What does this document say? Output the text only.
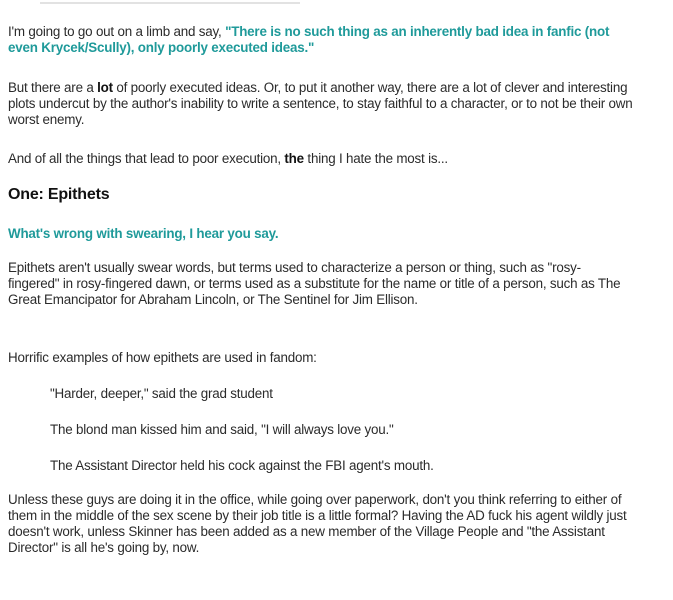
I'm going to go out on a limb and say, "There is no such thing as an inherently bad idea in fanfic (not even Krycek/Scully), only poorly executed ideas."

But there are a lot of poorly executed ideas. Or, to put it another way, there are a lot of clever and interesting plots undercut by the author's inability to write a sentence, to stay faithful to a character, or to not be their own worst enemy.

And of all the things that lead to poor execution, the thing I hate the most is...

One: Epithets

What's wrong with swearing, I hear you say.

Epithets aren't usually swear words, but terms used to characterize a person or thing, such as "rosy-fingered" in rosy-fingered dawn, or terms used as a substitute for the name or title of a person, such as The Great Emancipator for Abraham Lincoln, or The Sentinel for Jim Ellison.

Horrific examples of how epithets are used in fandom:

"Harder, deeper," said the grad student

The blond man kissed him and said, "I will always love you."

The Assistant Director held his cock against the FBI agent's mouth.

Unless these guys are doing it in the office, while going over paperwork, don't you think referring to either of them in the middle of the sex scene by their job title is a little formal? Having the AD fuck his agent wildly just doesn't work, unless Skinner has been added as a new member of the Village People and "the Assistant Director" is all he's going by, now.
